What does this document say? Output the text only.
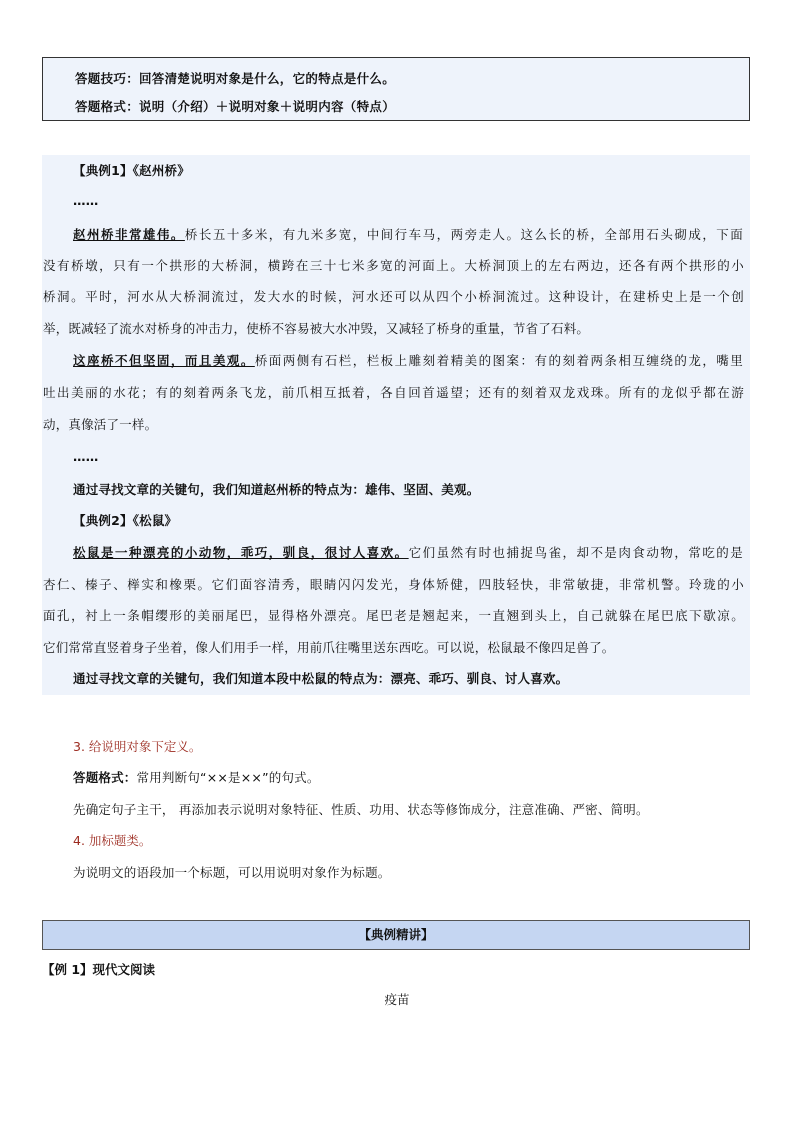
答题技巧：回答清楚说明对象是什么，它的特点是什么。
答题格式：说明（介绍）＋说明对象＋说明内容（特点）
【典例1】《赵州桥》
……
赵州桥非常雄伟。桥长五十多米，有九米多宽，中间行车马，两旁走人。这么长的桥，全部用石头砌成，下面
没有桥墩，只有一个拱形的大桥洞，横跨在三十七米多宽的河面上。大桥洞顶上的左右两边，还各有两个拱形的小
桥洞。平时，河水从大桥洞流过，发大水的时候，河水还可以从四个小桥洞流过。这种设计，在建桥史上是一个创
举，既减轻了流水对桥身的冲击力，使桥不容易被大水冲毁，又减轻了桥身的重量，节省了石料。
这座桥不但坚固，而且美观。桥面两侧有石栏，栏板上雕刻着精美的图案：有的刻着两条相互缠绕的龙，嘴里
吐出美丽的水花；有的刻着两条飞龙，前爪相互抵着，各自回首遥望；还有的刻着双龙戏珠。所有的龙似乎都在游
动，真像活了一样。
……
通过寻找文章的关键句，我们知道赵州桥的特点为：雄伟、坚固、美观。
【典例2】《松鼠》
松鼠是一种漂亮的小动物，乖巧，驯良，很讨人喜欢。它们虽然有时也捕捉鸟雀，却不是肉食动物，常吃的是
杏仁、榛子、榉实和橡栗。它们面容清秀，眼睛闪闪发光，身体矫健，四肢轻快，非常敏捷，非常机警。玲珑的小
面孔，衬上一条帽缨形的美丽尾巴，显得格外漂亮。尾巴老是翘起来，一直翘到头上，自己就躲在尾巴底下歇凉。
它们常常直竖着身子坐着，像人们用手一样，用前爪往嘴里送东西吃。可以说，松鼠最不像四足兽了。
通过寻找文章的关键句，我们知道本段中松鼠的特点为：漂亮、乖巧、驯良、讨人喜欢。
3. 给说明对象下定义。
答题格式：常用判断句“××是××”的句式。
先确定句子主干， 再添加表示说明对象特征、性质、功用、状态等修饰成分，注意准确、严密、简明。
4. 加标题类。
为说明文的语段加一个标题，可以用说明对象作为标题。
【典例精讲】
【例 1】现代文阅读
疫苗
